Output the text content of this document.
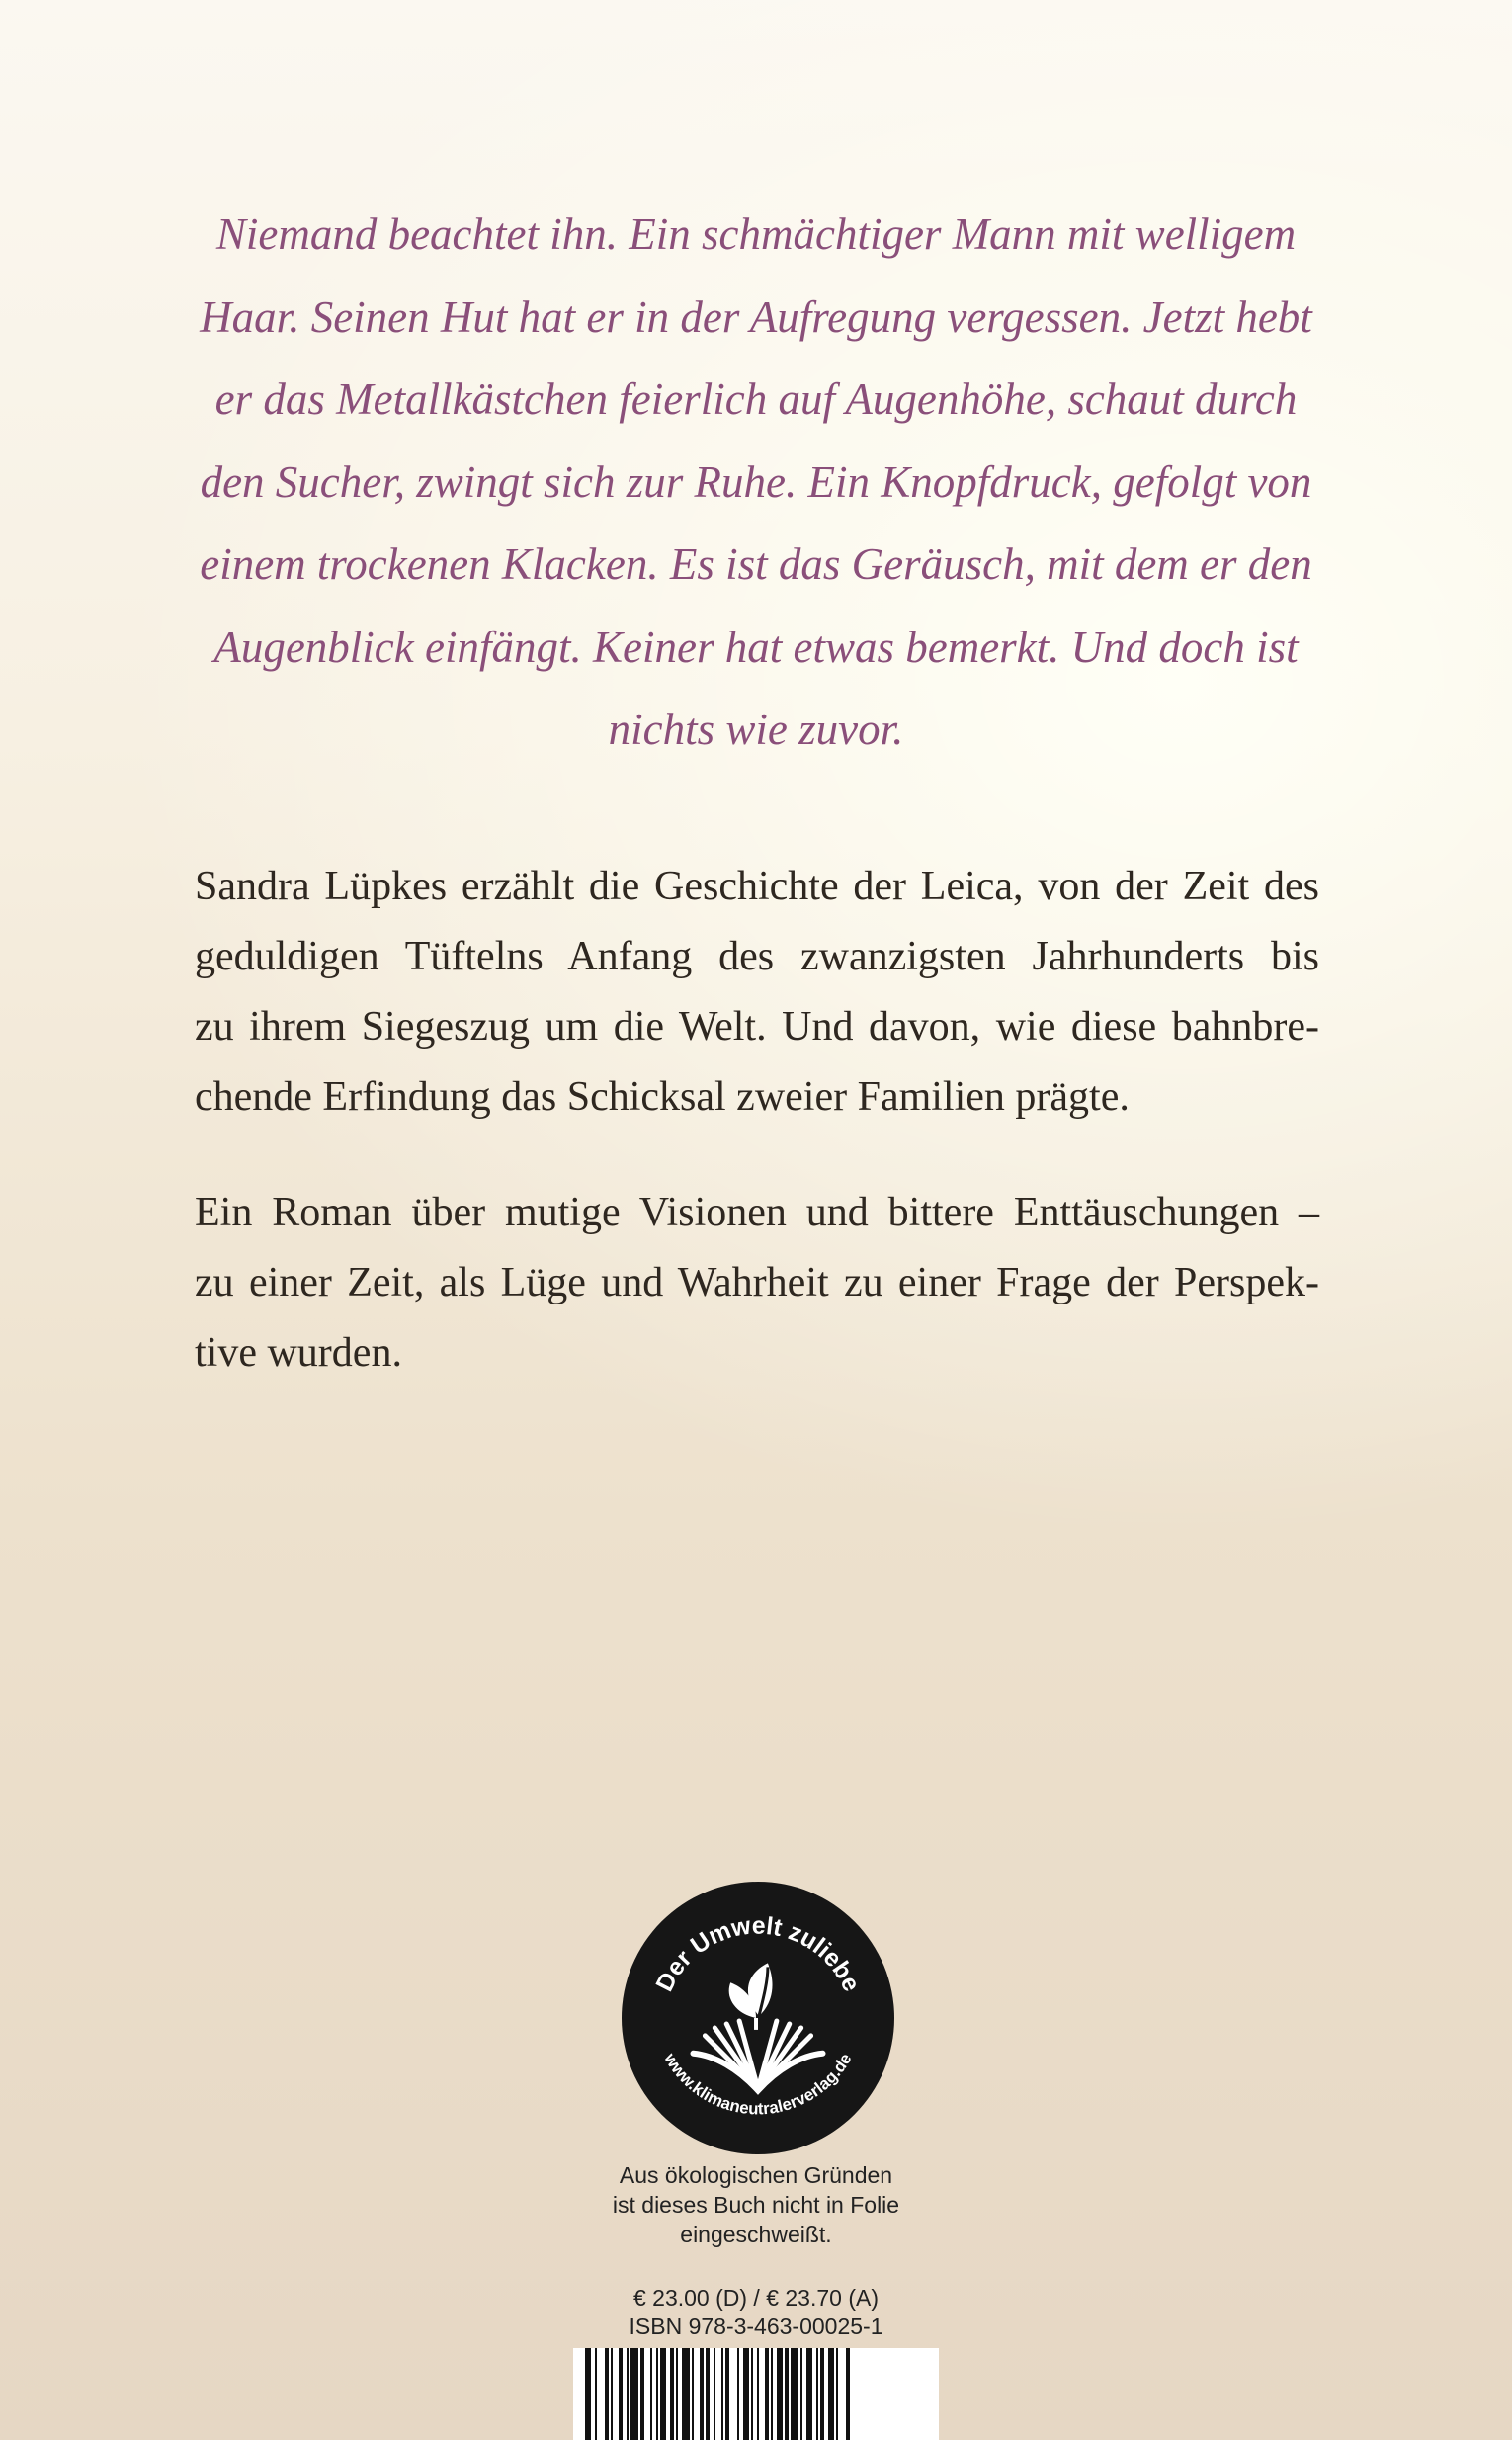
Niemand beachtet ihn. Ein schmächtiger Mann mit welligem
Haar. Seinen Hut hat er in der Aufregung vergessen. Jetzt hebt
er das Metallkästchen feierlich auf Augenhöhe, schaut durch
den Sucher, zwingt sich zur Ruhe. Ein Knopfdruck, gefolgt von
einem trockenen Klacken. Es ist das Geräusch, mit dem er den
Augenblick einfängt. Keiner hat etwas bemerkt. Und doch ist
nichts wie zuvor.
Sandra Lüpkes erzählt die Geschichte der Leica, von der Zeit des
geduldigen Tüftelns Anfang des zwanzigsten Jahrhunderts bis
zu ihrem Siegeszug um die Welt. Und davon, wie diese bahnbre-
chende Erfindung das Schicksal zweier Familien prägte.
Ein Roman über mutige Visionen und bittere Enttäuschungen –
zu einer Zeit, als Lüge und Wahrheit zu einer Frage der Perspek-
tive wurden.
Der Umwelt zuliebe
www.klimaneutralerverlag.de
Aus ökologischen Gründen
ist dieses Buch nicht in Folie
eingeschweißt.
€ 23.00 (D) / € 23.70 (A)
ISBN 978-3-463-00025-1
